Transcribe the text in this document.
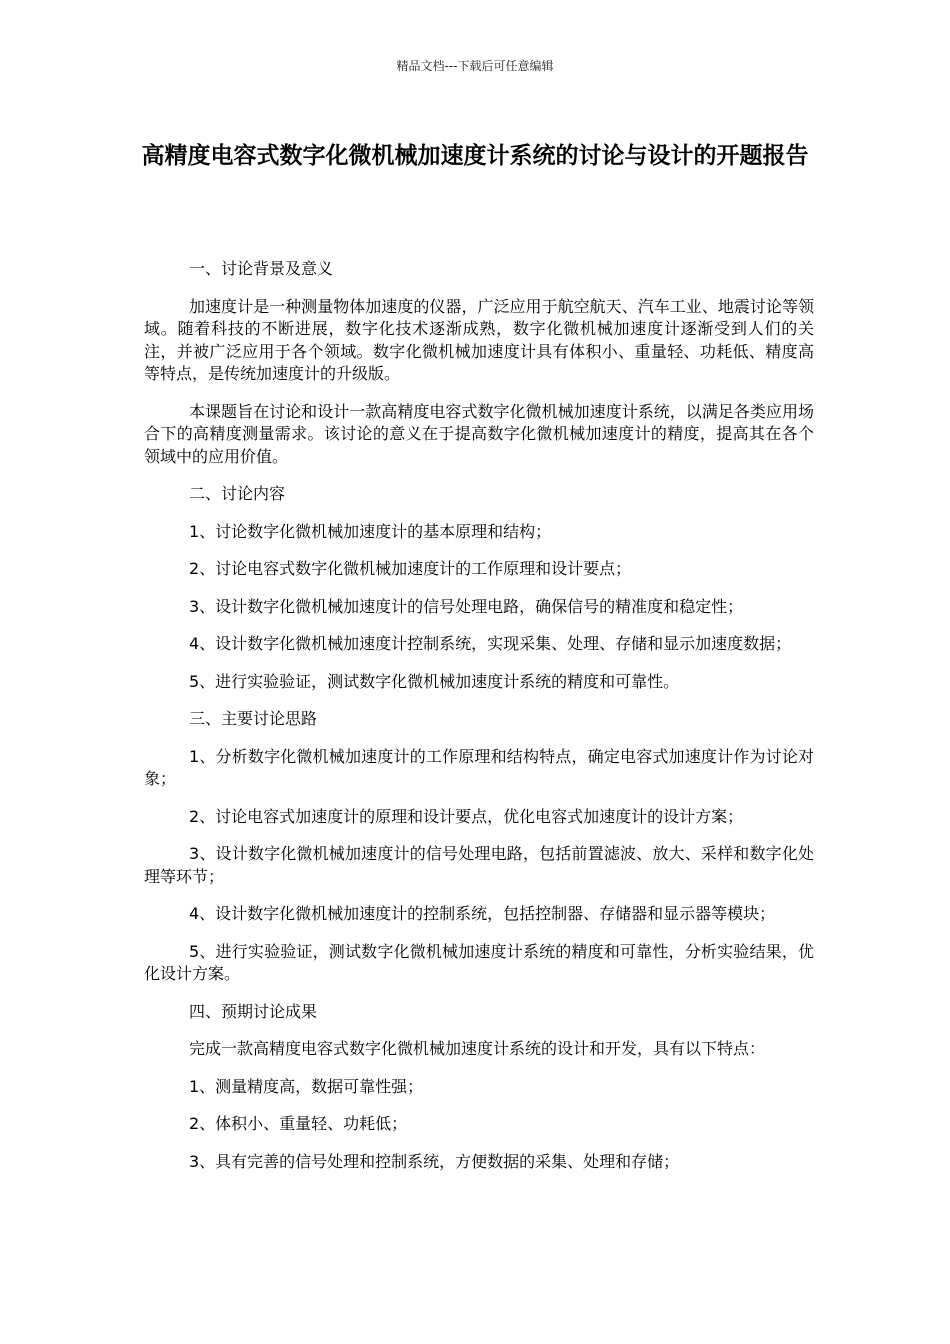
精品文档---下载后可任意编辑
高精度电容式数字化微机械加速度计系统的讨论与设计的开题报告

一、讨论背景及意义

加速度计是一种测量物体加速度的仪器，广泛应用于航空航天、汽车工业、地震讨论等领域。随着科技的不断进展，数字化技术逐渐成熟，数字化微机械加速度计逐渐受到人们的关注，并被广泛应用于各个领域。数字化微机械加速度计具有体积小、重量轻、功耗低、精度高等特点，是传统加速度计的升级版。

本课题旨在讨论和设计一款高精度电容式数字化微机械加速度计系统，以满足各类应用场合下的高精度测量需求。该讨论的意义在于提高数字化微机械加速度计的精度，提高其在各个领域中的应用价值。

二、讨论内容

1、讨论数字化微机械加速度计的基本原理和结构；

2、讨论电容式数字化微机械加速度计的工作原理和设计要点；

3、设计数字化微机械加速度计的信号处理电路，确保信号的精准度和稳定性；

4、设计数字化微机械加速度计控制系统，实现采集、处理、存储和显示加速度数据；

5、进行实验验证，测试数字化微机械加速度计系统的精度和可靠性。

三、主要讨论思路

1、分析数字化微机械加速度计的工作原理和结构特点，确定电容式加速度计作为讨论对象；

2、讨论电容式加速度计的原理和设计要点，优化电容式加速度计的设计方案；

3、设计数字化微机械加速度计的信号处理电路，包括前置滤波、放大、采样和数字化处理等环节；

4、设计数字化微机械加速度计的控制系统，包括控制器、存储器和显示器等模块；

5、进行实验验证，测试数字化微机械加速度计系统的精度和可靠性，分析实验结果，优化设计方案。

四、预期讨论成果

完成一款高精度电容式数字化微机械加速度计系统的设计和开发，具有以下特点：

1、测量精度高，数据可靠性强；

2、体积小、重量轻、功耗低；

3、具有完善的信号处理和控制系统，方便数据的采集、处理和存储；
